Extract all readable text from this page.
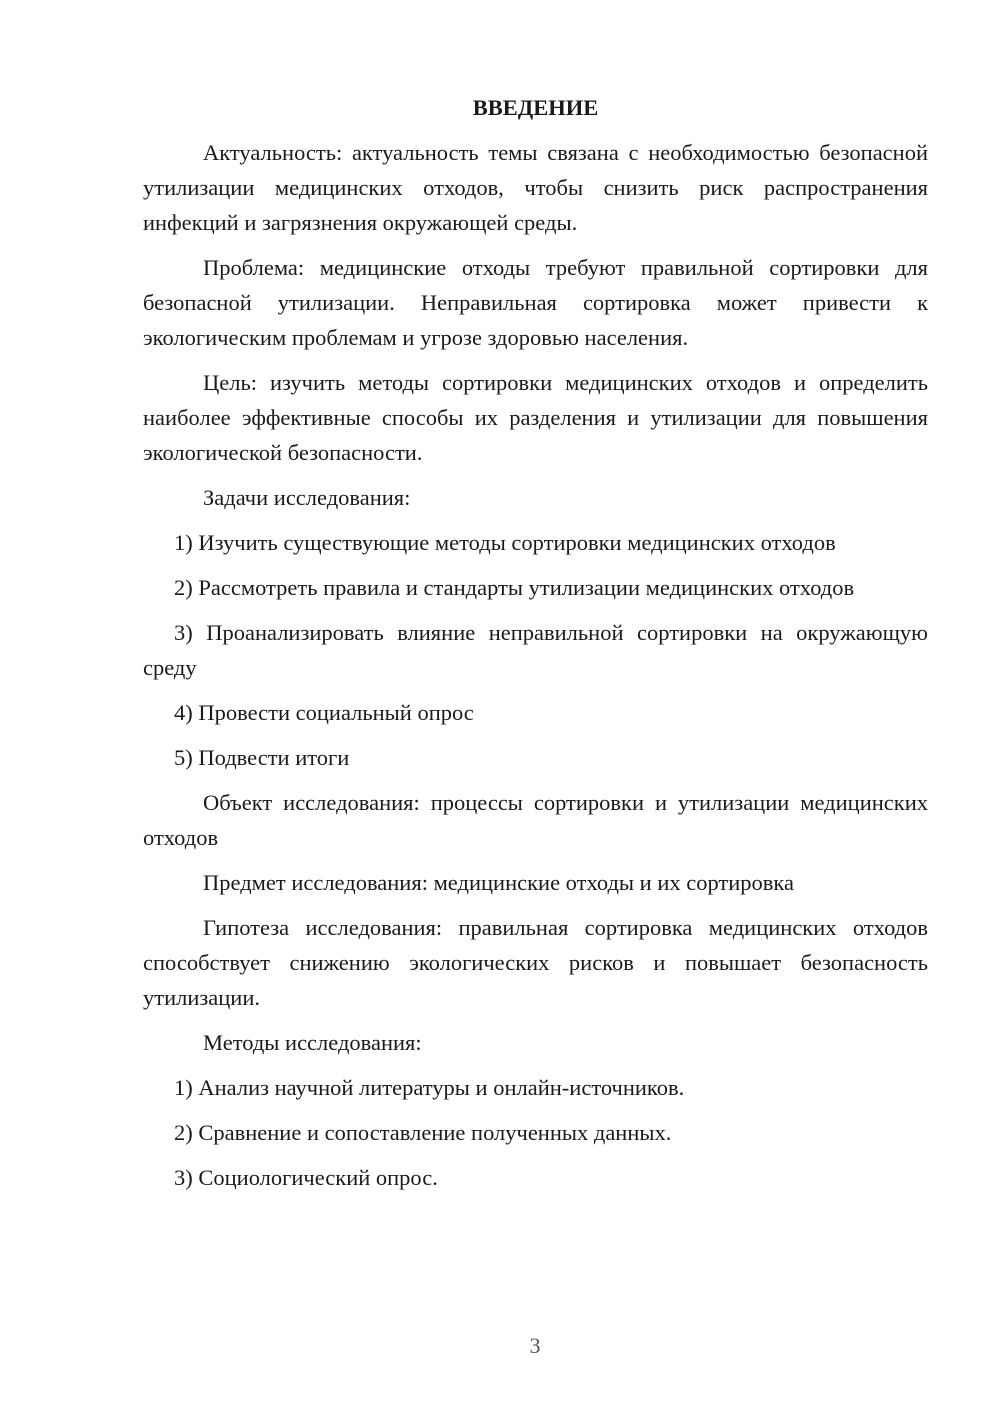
ВВЕДЕНИЕ

Актуальность: актуальность темы связана с необходимостью безопасной утилизации медицинских отходов, чтобы снизить риск распространения инфекций и загрязнения окружающей среды.

Проблема: медицинские отходы требуют правильной сортировки для безопасной утилизации. Неправильная сортировка может привести к экологическим проблемам и угрозе здоровью населения.

Цель: изучить методы сортировки медицинских отходов и определить наиболее эффективные способы их разделения и утилизации для повышения экологической безопасности.

Задачи исследования:

1) Изучить существующие методы сортировки медицинских отходов

2) Рассмотреть правила и стандарты утилизации медицинских отходов

3) Проанализировать влияние неправильной сортировки на окружающую среду

4) Провести социальный опрос

5) Подвести итоги

Объект исследования: процессы сортировки и утилизации медицинских отходов

Предмет исследования: медицинские отходы и их сортировка

Гипотеза исследования: правильная сортировка медицинских отходов способствует снижению экологических рисков и повышает безопасность утилизации.

Методы исследования:

1) Анализ научной литературы и онлайн-источников.

2) Сравнение и сопоставление полученных данных.

3) Социологический опрос.

3
